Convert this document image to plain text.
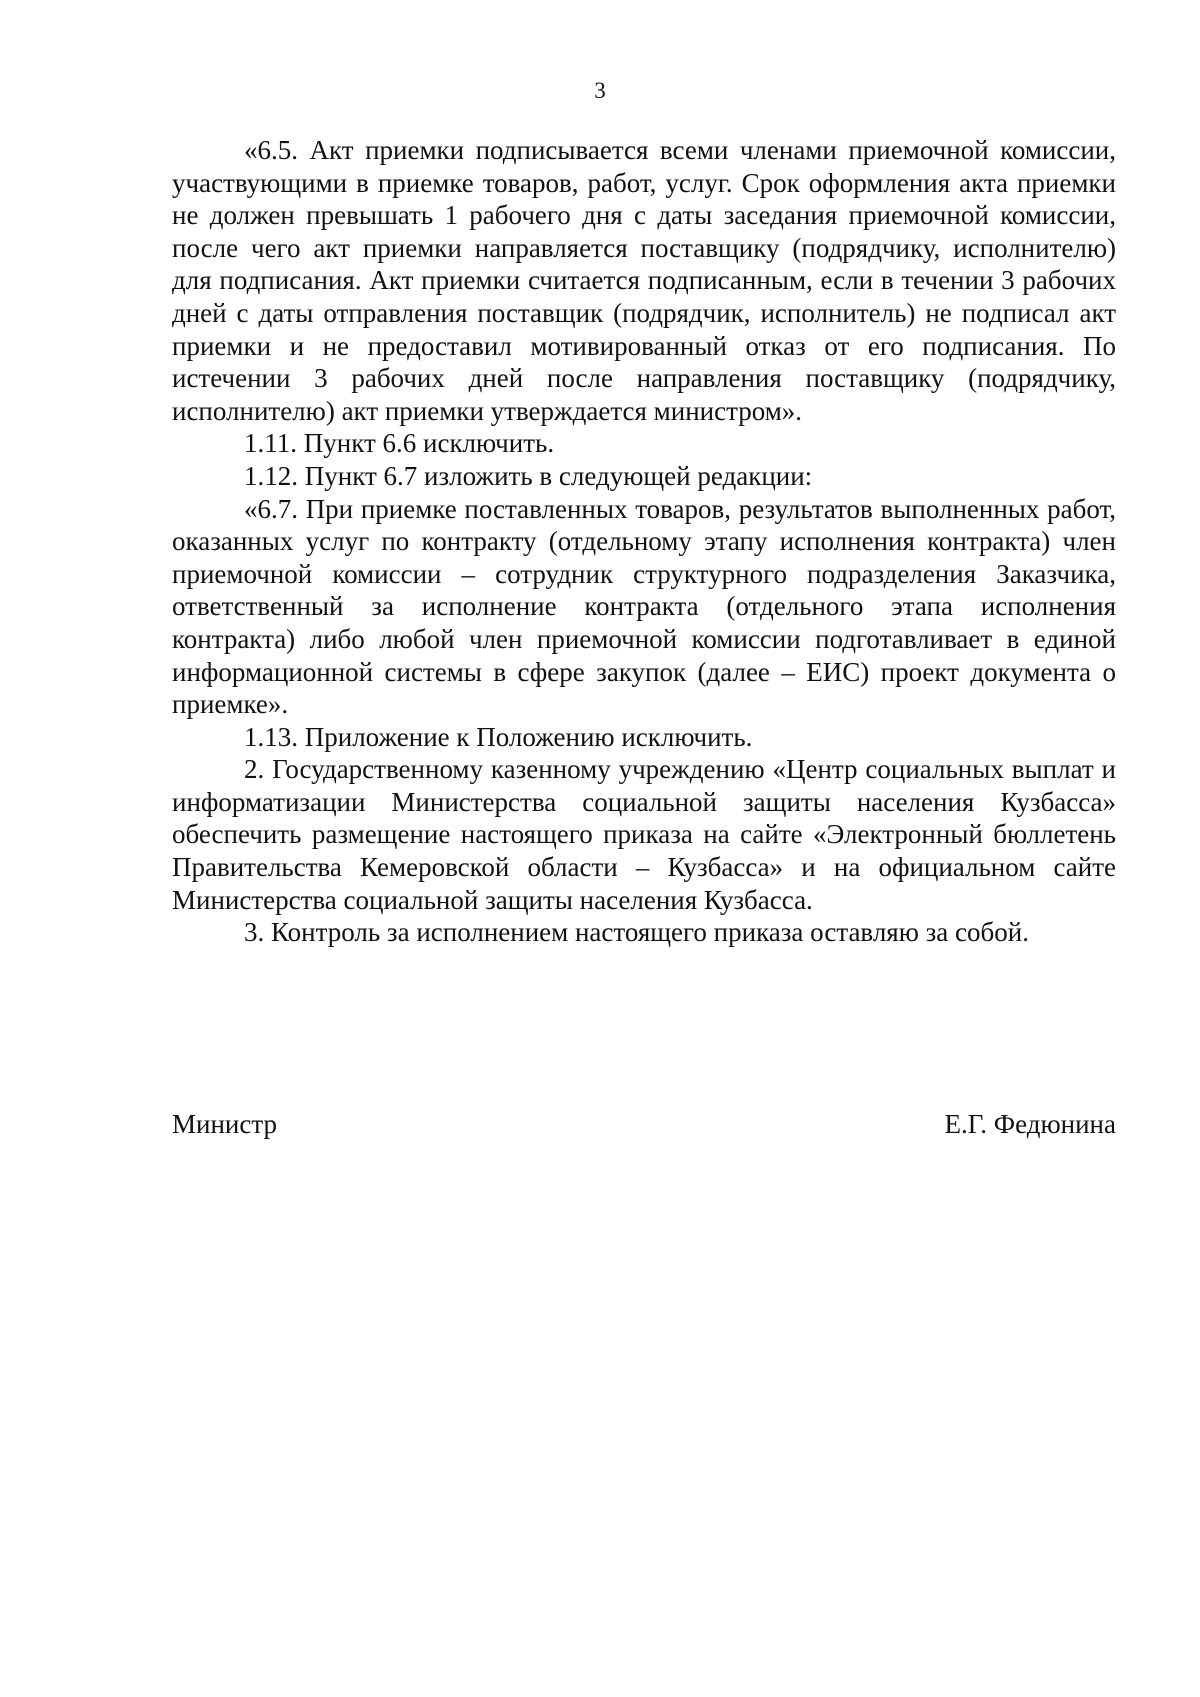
3

«6.5. Акт приемки подписывается всеми членами приемочной комиссии, участвующими в приемке товаров, работ, услуг. Срок оформления акта приемки не должен превышать 1 рабочего дня с даты заседания приемочной комиссии, после чего акт приемки направляется поставщику (подрядчику, исполнителю) для подписания. Акт приемки считается подписанным, если в течении 3 рабочих дней с даты отправления поставщик (подрядчик, исполнитель) не подписал акт приемки и не предоставил мотивированный отказ от его подписания. По истечении 3 рабочих дней после направления поставщику (подрядчику, исполнителю) акт приемки утверждается министром».

1.11. Пункт 6.6 исключить.

1.12. Пункт 6.7 изложить в следующей редакции:

«6.7. При приемке поставленных товаров, результатов выполненных работ, оказанных услуг по контракту (отдельному этапу исполнения контракта) член приемочной комиссии – сотрудник структурного подразделения Заказчика, ответственный за исполнение контракта (отдельного этапа исполнения контракта) либо любой член приемочной комиссии подготавливает в единой информационной системы в сфере закупок (далее – ЕИС) проект документа о приемке».

1.13. Приложение к Положению исключить.

2. Государственному казенному учреждению «Центр социальных выплат и информатизации Министерства социальной защиты населения Кузбасса» обеспечить размещение настоящего приказа на сайте «Электронный бюллетень Правительства Кемеровской области – Кузбасса» и на официальном сайте Министерства социальной защиты населения Кузбасса.

3. Контроль за исполнением настоящего приказа оставляю за собой.

Министр	Е.Г. Федюнина
